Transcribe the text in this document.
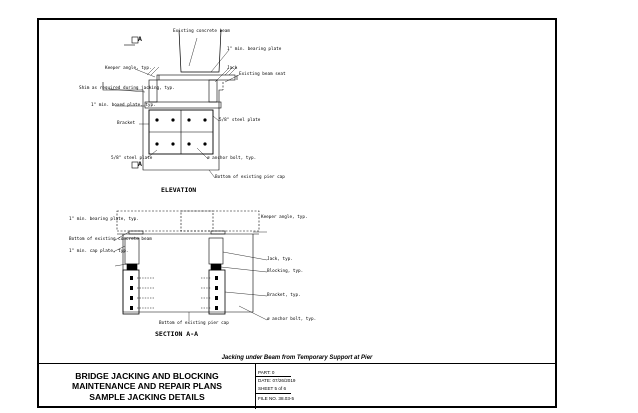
A
A
Existing concrete beam
1" min. bearing plate
Jack
Existing beam seat
Keeper angle, typ.
Shim as required during jacking, typ.
1" min. boxed plate, typ.
Bracket
5/8" steel plate
5/8" steel plate	ø anchor bolt, typ.
Bottom of existing pier cap
ELEVATION
1" min. bearing plate, typ.	Keeper angle, typ.
Bottom of existing concrete beam
1" min. cap plate, typ.
Jack, typ.
Blocking, typ.
Bracket, typ.
ø anchor bolt, typ.
Bottom of existing pier cap
SECTION A-A
Jacking under Beam from Temporary Support at Pier
BRIDGE JACKING AND BLOCKING
MAINTENANCE AND REPAIR PLANS
SAMPLE JACKING DETAILS
PART: 0
DATE: 07/26/2019
SHEET 5 of 6
FILE NO. 38.03-5
